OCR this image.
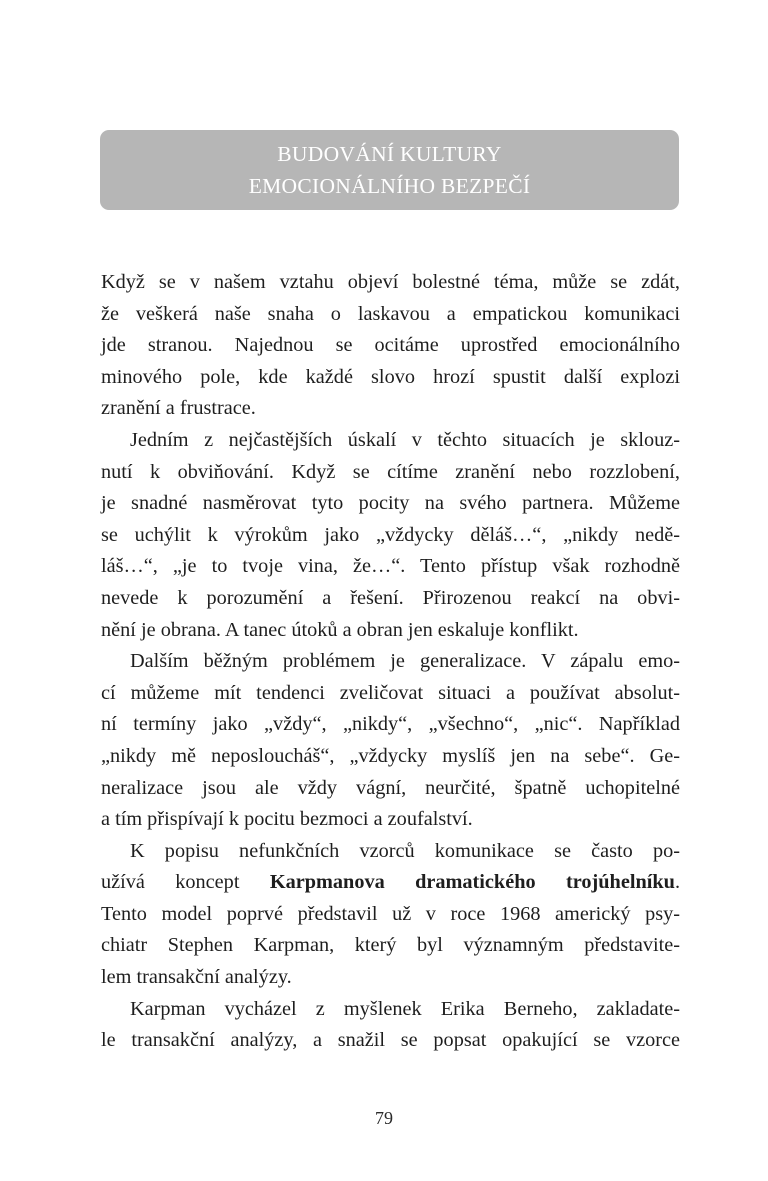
BUDOVÁNÍ KULTURY
EMOCIONÁLNÍHO BEZPEČÍ
Když se v našem vztahu objeví bolestné téma, může se zdát,
že veškerá naše snaha o laskavou a empatickou komunikaci
jde stranou. Najednou se ocitáme uprostřed emocionálního
minového pole, kde každé slovo hrozí spustit další explozi
zranění a frustrace.
Jedním z nejčastějších úskalí v těchto situacích je sklouz-
nutí k obviňování. Když se cítíme zranění nebo rozzlobení,
je snadné nasměrovat tyto pocity na svého partnera. Můžeme
se uchýlit k výrokům jako „vždycky děláš…“, „nikdy nedě-
láš…“, „je to tvoje vina, že…“. Tento přístup však rozhodně
nevede k porozumění a řešení. Přirozenou reakcí na obvi-
nění je obrana. A tanec útoků a obran jen eskaluje konflikt.
Dalším běžným problémem je generalizace. V zápalu emo-
cí můžeme mít tendenci zveličovat situaci a používat absolut-
ní termíny jako „vždy“, „nikdy“, „všechno“, „nic“. Například
„nikdy mě neposloucháš“, „vždycky myslíš jen na sebe“. Ge-
neralizace jsou ale vždy vágní, neurčité, špatně uchopitelné
a tím přispívají k pocitu bezmoci a zoufalství.
K popisu nefunkčních vzorců komunikace se často po-
užívá koncept Karpmanova dramatického trojúhelníku.
Tento model poprvé představil už v roce 1968 americký psy-
chiatr Stephen Karpman, který byl významným představite-
lem transakční analýzy.
Karpman vycházel z myšlenek Erika Berneho, zakladate-
le transakční analýzy, a snažil se popsat opakující se vzorce
79
